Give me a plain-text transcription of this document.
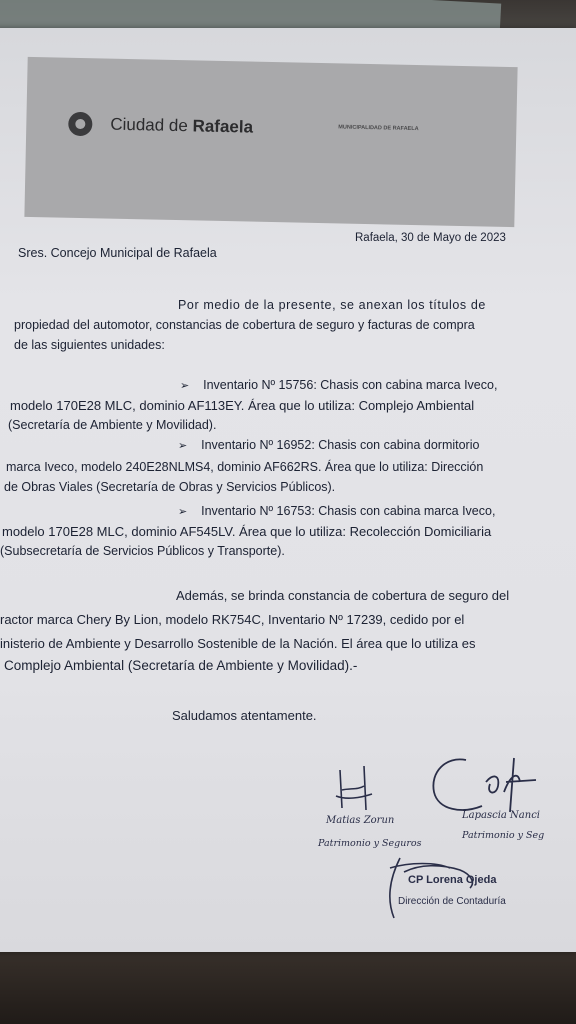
Ciudad de Rafaela	MUNICIPALIDAD DE RAFAELA

Rafaela, 30 de Mayo de 2023
Sres. Concejo Municipal de Rafaela
Por medio de la presente, se anexan los títulos de
propiedad del automotor, constancias de cobertura de seguro y facturas de compra
de las siguientes unidades:
➢ Inventario Nº 15756: Chasis con cabina marca Iveco,
modelo 170E28 MLC, dominio AF113EY. Área que lo utiliza: Complejo Ambiental
(Secretaría de Ambiente y Movilidad).
➢ Inventario Nº 16952: Chasis con cabina dormitorio
marca Iveco, modelo 240E28NLMS4, dominio AF662RS. Área que lo utiliza: Dirección
de Obras Viales (Secretaría de Obras y Servicios Públicos).
➢ Inventario Nº 16753: Chasis con cabina marca Iveco,
modelo 170E28 MLC, dominio AF545LV. Área que lo utiliza: Recolección Domiciliaria
(Subsecretaría de Servicios Públicos y Transporte).
Además, se brinda constancia de cobertura de seguro del
ractor marca Chery By Lion, modelo RK754C, Inventario Nº 17239, cedido por el
inisterio de Ambiente y Desarrollo Sostenible de la Nación. El área que lo utiliza es
Complejo Ambiental (Secretaría de Ambiente y Movilidad).-
Saludamos atentamente.
Matias Zorun
Patrimonio y Seguros
Lapascia Nanci
Patrimonio y Seg
CP Lorena Ojeda
Dirección de Contaduría
